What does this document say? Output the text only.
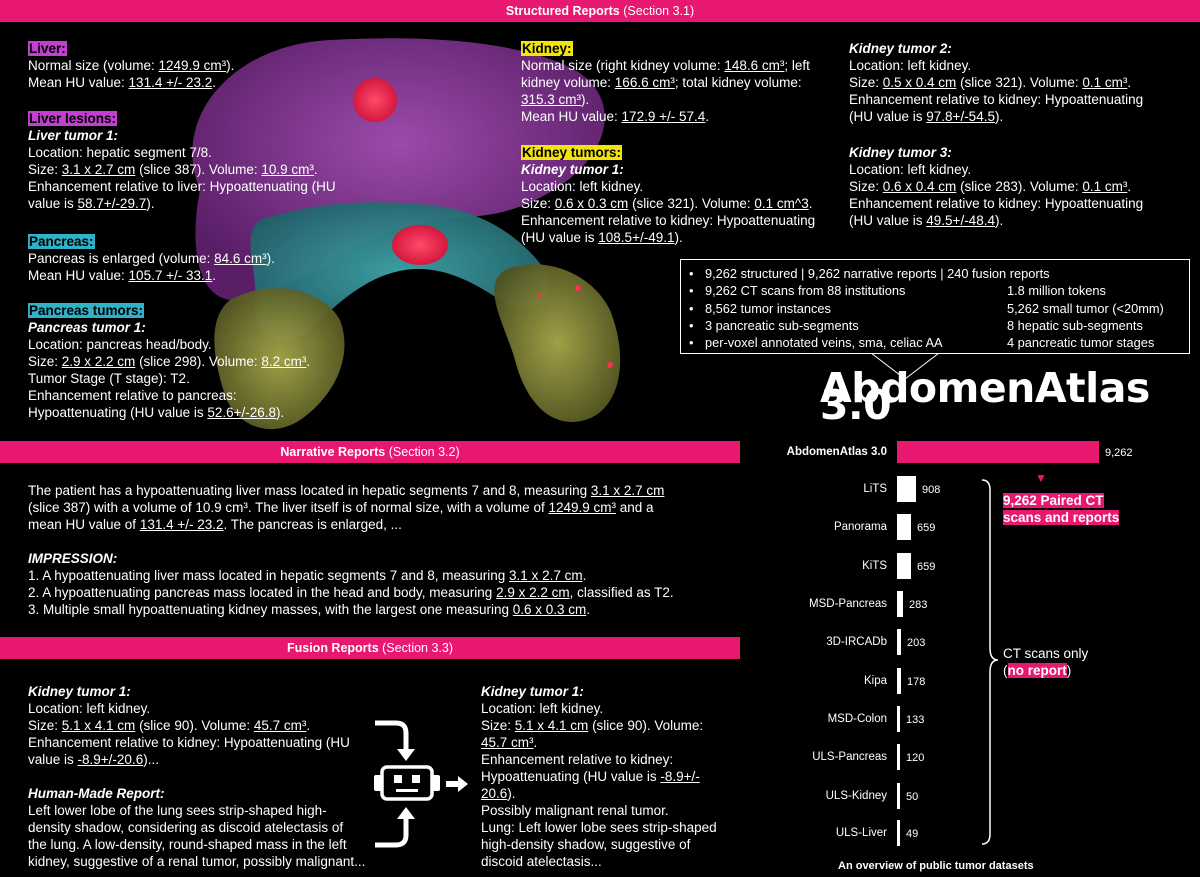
Structured Reports (Section 3.1)
Narrative Reports (Section 3.2)
Fusion Reports (Section 3.3)
Liver:
Normal size (volume: 1249.9 cm³).
Mean HU value: 131.4 +/- 23.2.
Liver lesions:
Liver tumor 1:
Location: hepatic segment 7/8.
Size: 3.1 x 2.7 cm (slice 387). Volume: 10.9 cm³.
Enhancement relative to liver: Hypoattenuating (HU
value is 58.7+/-29.7).
Pancreas:
Pancreas is enlarged (volume: 84.6 cm³).
Mean HU value: 105.7 +/- 33.1.
Pancreas tumors:
Pancreas tumor 1:
Location: pancreas head/body.
Size: 2.9 x 2.2 cm (slice 298). Volume: 8.2 cm³.
Tumor Stage (T stage): T2.
Enhancement relative to pancreas:
Hypoattenuating (HU value is 52.6+/-26.8).
Kidney:
Normal size (right kidney volume: 148.6 cm³; left
kidney volume: 166.6 cm³; total kidney volume:
315.3 cm³).
Mean HU value: 172.9 +/- 57.4.
Kidney tumors:
Kidney tumor 1:
Location: left kidney.
Size: 0.6 x 0.3 cm (slice 321). Volume: 0.1 cm^3.
Enhancement relative to kidney: Hypoattenuating
(HU value is 108.5+/-49.1).
Kidney tumor 2:
Location: left kidney.
Size: 0.5 x 0.4 cm (slice 321). Volume: 0.1 cm³.
Enhancement relative to kidney: Hypoattenuating
(HU value is 97.8+/-54.5).
Kidney tumor 3:
Location: left kidney.
Size: 0.6 x 0.4 cm (slice 283). Volume: 0.1 cm³.
Enhancement relative to kidney: Hypoattenuating
(HU value is 49.5+/-48.4).
• 9,262 structured | 9,262 narrative reports | 240 fusion reports
• 9,262 CT scans from 88 institutions	1.8 million tokens
• 8,562 tumor instances	5,262 small tumor (<20mm)
• 3 pancreatic sub-segments	8 hepatic sub-segments
• per-voxel annotated veins, sma, celiac AA	4 pancreatic tumor stages
AbdomenAtlas 3.0
The patient has a hypoattenuating liver mass located in hepatic segments 7 and 8, measuring 3.1 x 2.7 cm
(slice 387) with a volume of 10.9 cm³. The liver itself is of normal size, with a volume of 1249.9 cm³ and a
mean HU value of 131.4 +/- 23.2. The pancreas is enlarged, ...

IMPRESSION:
1. A hypoattenuating liver mass located in hepatic segments 7 and 8, measuring 3.1 x 2.7 cm.
2. A hypoattenuating pancreas mass located in the head and body, measuring 2.9 x 2.2 cm, classified as T2.
3. Multiple small hypoattenuating kidney masses, with the largest one measuring 0.6 x 0.3 cm.
Kidney tumor 1:
Location: left kidney.
Size: 5.1 x 4.1 cm (slice 90). Volume: 45.7 cm³.
Enhancement relative to kidney: Hypoattenuating (HU
value is -8.9+/-20.6)...

Human-Made Report:
Left lower lobe of the lung sees strip-shaped high-
density shadow, considering as discoid atelectasis of
the lung. A low-density, round-shaped mass in the left
kidney, suggestive of a renal tumor, possibly malignant...
Kidney tumor 1:
Location: left kidney.
Size: 5.1 x 4.1 cm (slice 90). Volume:
45.7 cm³.
Enhancement relative to kidney:
Hypoattenuating (HU value is -8.9+/-
20.6).
Possibly malignant renal tumor.
Lung: Left lower lobe sees strip-shaped
high-density shadow, suggestive of
discoid atelectasis...
AbdomenAtlas 3.0	9,262
LiTS	908
Panorama	659
KiTS	659
MSD-Pancreas 283
3D-IRCADb 203
Kipa 178
MSD-Colon 133
ULS-Pancreas 120
ULS-Kidney 50
ULS-Liver 49
▼
9,262 Paired CT
scans and reports
CT scans only
(no report)
An overview of public tumor datasets
